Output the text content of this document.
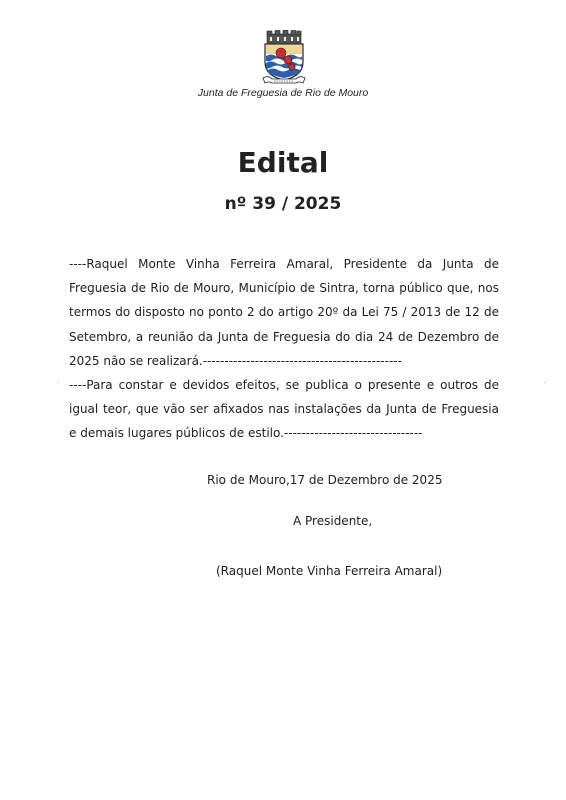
Junta de Freguesia de Rio de Mouro
Edital
nº 39 / 2025

----Raquel Monte Vinha Ferreira Amaral, Presidente da Junta de Freguesia de Rio de Mouro, Município de Sintra, torna público que, nos termos do disposto no ponto 2 do artigo 20º da Lei 75 / 2013 de 12 de Setembro, a reunião da Junta de Freguesia do dia 24 de Dezembro de 2025 não se realizará.----------------------------------------------

----Para constar e devidos efeitos, se publica o presente e outros de igual teor, que vão ser afixados nas instalações da Junta de Freguesia e demais lugares públicos de estilo.--------------------------------

Rio de Mouro,17 de Dezembro de 2025
A Presidente,
(Raquel Monte Vinha Ferreira Amaral)
